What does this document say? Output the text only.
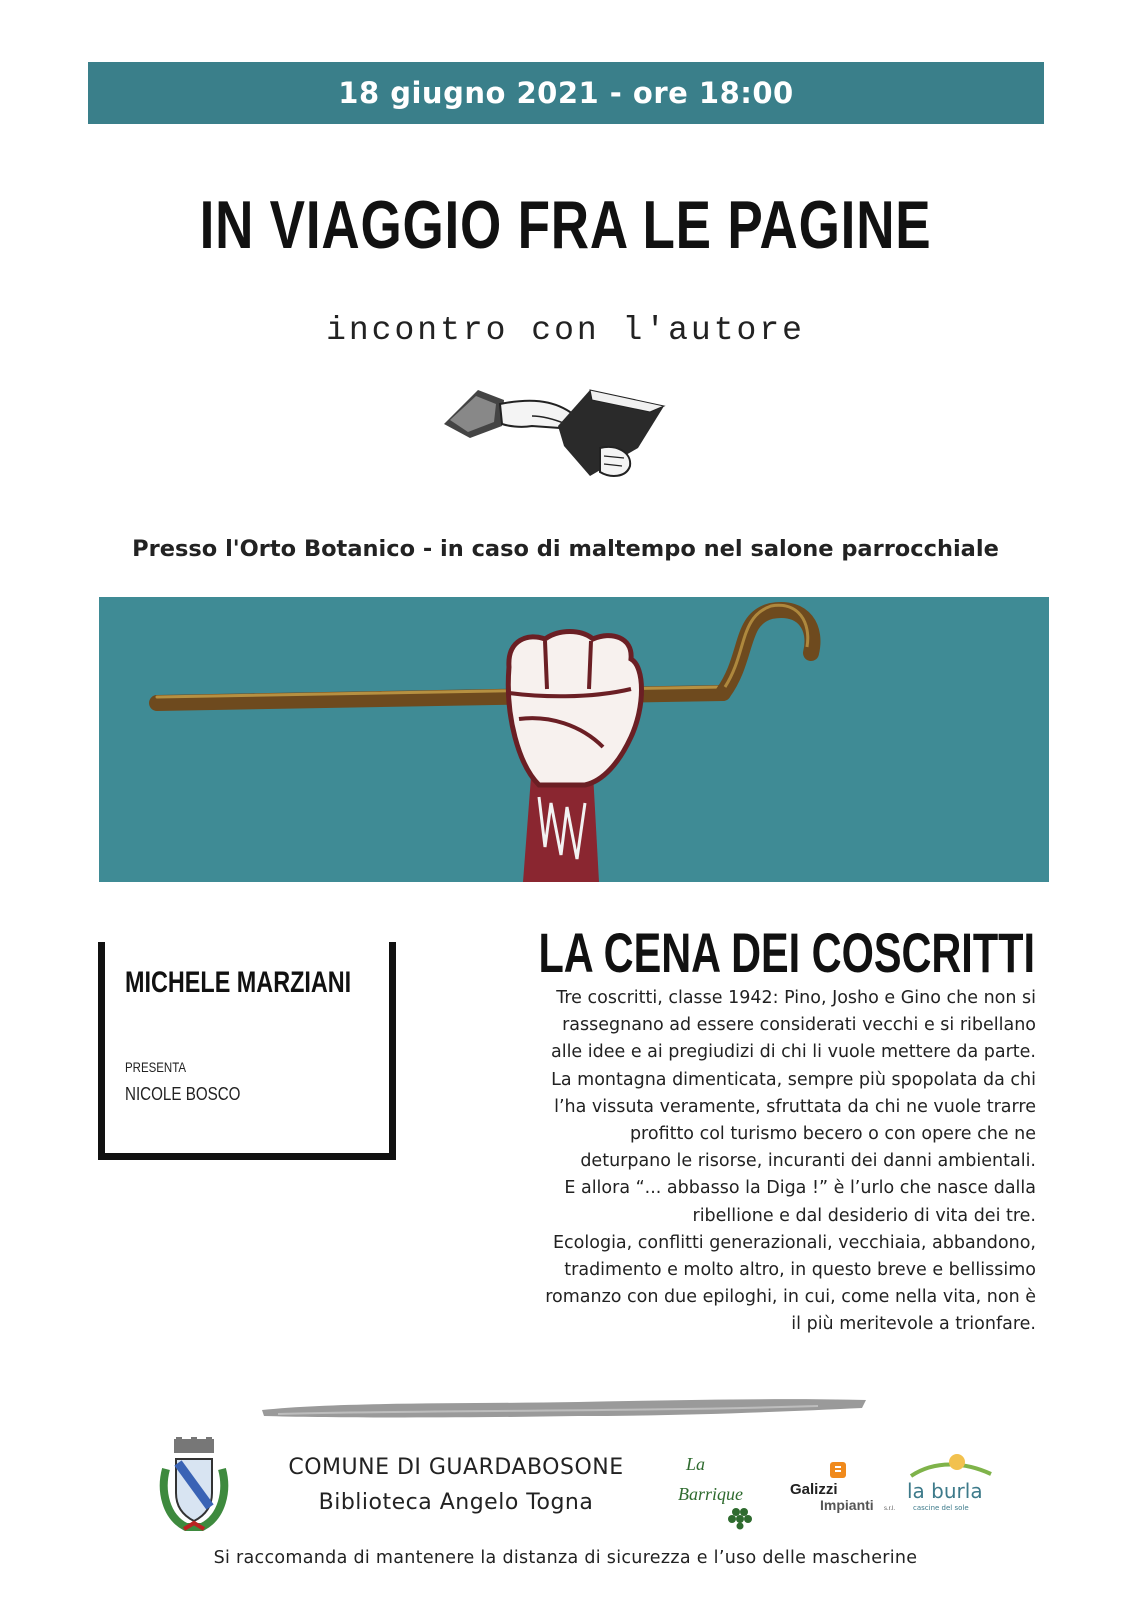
18 giugno 2021 - ore 18:00
IN VIAGGIO FRA LE PAGINE
incontro con l'autore
Presso l'Orto Botanico - in caso di maltempo nel salone parrocchiale
MICHELE MARZIANI
PRESENTA
NICOLE BOSCO
LA CENA DEI COSCRITTI
Tre coscritti, classe 1942: Pino, Josho e Gino che non si
rassegnano ad essere considerati vecchi e si ribellano
alle idee e ai pregiudizi di chi li vuole mettere da parte.
La montagna dimenticata, sempre più spopolata da chi
l’ha vissuta veramente, sfruttata da chi ne vuole trarre
profitto col turismo becero o con opere che ne
deturpano le risorse, incuranti dei danni ambientali.
E allora “... abbasso la Diga !” è l’urlo che nasce dalla
ribellione e dal desiderio di vita dei tre.
Ecologia, conflitti generazionali, vecchiaia, abbandono,
tradimento e molto altro, in questo breve e bellissimo
romanzo con due epiloghi, in cui, come nella vita, non è
il più meritevole a trionfare.
COMUNE DI GUARDABOSONE
Biblioteca Angelo Togna
La
Barrique	Galizzi
Impianti s.r.l.
la burla
cascine del sole
Si raccomanda di mantenere la distanza di sicurezza e l’uso delle mascherine
